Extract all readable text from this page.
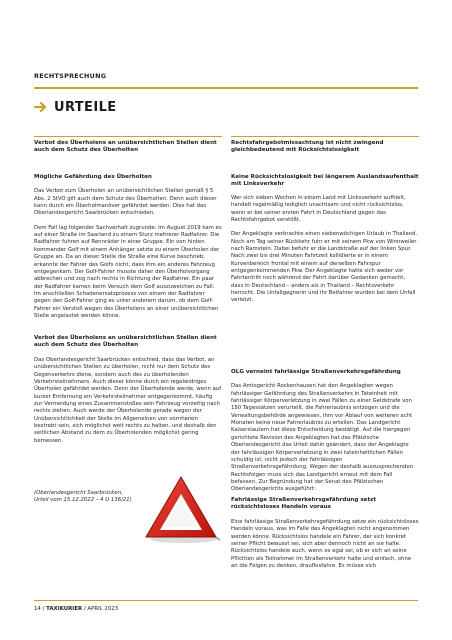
RECHTSPRECHUNG
URTEILE
Verbot des Überholens an unübersichtlichen Stellen dient auch dem Schutz des Überholten
Mögliche Gefährdung des Überholten
Das Verbot zum Überholen an unübersichtlichen Stellen gemäß § 5 Abs. 2 StVO gilt auch dem Schutz des Überholten. Denn auch dieser kann durch ein Überholmanöver gefährdet werden. Dies hat das Oberlandesgericht Saarbrücken entschieden.
Dem Fall lag folgender Sachverhalt zugrunde: Im August 2019 kam es auf einer Straße im Saarland zu einem Sturz mehrerer Radfahrer. Die Radfahrer fuhren auf Rennräder in einer Gruppe. Ein von hinten kommender Golf mit einem Anhänger setzte zu einem Überholen der Gruppe an. Da an dieser Stelle die Straße eine Kurve beschrieb, erkannte der Fahrer des Golfs nicht, dass ihm ein anderes Fahrzeug entgegenkam. Der Golf-Fahrer musste daher den Überholvorgang abbrechen und zog nach rechts in Richtung der Radfahrer. Ein paar der Radfahrer kamen beim Versuch dem Golf auszuweichen zu Fall. Im anschließen Schadenersatzprozess von einem der Radfahrer gegen den Golf-Fahrer ging es unter anderem darum, ob dem Golf-Fahrer ein Verstoß wegen des Überholens an einer unübersichtlichen Stelle angelastet werden könne.
Verbot des Überholens an unübersichtlichen Stellen dient auch dem Schutz des Überholten
Das Oberlandesgericht Saarbrücken entschied, dass das Verbot, an unübersichtlichen Stellen zu überholen, nicht nur dem Schutz des Gegenverkehrs diene, sondern auch des zu überholenden Verkehrsteilnehmers. Auch dieser könne durch ein regelwidriges Überholen gefährdet werden. Denn der Überholende werde, wenn auf kurzer Entfernung ein Verkehrsteilnehmer entgegenkommt, häufig zur Vermeidung eines Zusammenstoßes sein Fahrzeug vorzeitig nach rechts ziehen. Auch werde der Überholende gerade wegen der Unübersichtlichkeit der Stelle im Allgemeinen von vornherein bestrebt sein, sich möglichst weit rechts zu halten, und deshalb den seitlichen Abstand zu dem zu Überholenden möglichst gering bemessen.
(Oberlandesgericht Saarbrücken,
Urteil vom 15.12.2022 – 4 U 136/21)
Rechtsfahrgebotmissachtung ist nicht zwingend gleichbedeutend mit Rücksichtslosigkeit
Keine Rücksichtslosigkeit bei längerem Auslandsaufenthalt mit Linksverkehr
Wer sich sieben Wochen in einem Land mit Linksverkehr aufhielt, handelt regelmäßig lediglich unachtsam und nicht rücksichtslos, wenn er bei seiner ersten Fahrt in Deutschland gegen das Rechtsfahrgebot verstößt.
Der Angeklagte verbrachte einen siebenwöchigen Urlaub in Thailand. Noch am Tag seiner Rückkehr fuhr er mit seinem Pkw von Winnweiler nach Ramstein. Dabei befuhr er die Landstraße auf der linken Spur. Nach zwei bis drei Minuten Fahrtzeit kollidierte er in einem Kurvenbereich frontal mit einem auf derselben Fahrspur entgegenkommenden Pkw. Der Angeklagte hatte sich weder vor Fahrtantritt noch während der Fahrt darüber Gedanken gemacht, dass in Deutschland – anders als in Thailand – Rechtsverkehr herrscht. Die Unfallgegnerin und ihr Beifahrer wurden bei dem Unfall verletzt.
OLG verneint fahrlässige Straßenverkehrsgefährdung
Das Amtsgericht Rockenhausen hat den Angeklagten wegen fahrlässiger Gefährdung des Straßenverkehrs in Tateinheit mit fahrlässiger Körperverletzung in zwei Fällen zu einer Geldstrafe von 150 Tagessätzen verurteilt, die Fahrerlaubnis entzogen und die Verwaltungsbehörde angewiesen, ihm vor Ablauf von weiteren acht Monaten keine neue Fahrerlaubnis zu erteilen. Das Landgericht Kaiserslautern hat diese Entscheidung bestätigt. Auf die hiergegen gerichtete Revision des Angeklagten hat das Pfälzische Oberlandesgericht das Urteil dahin geändert, dass der Angeklagte der fahrlässigen Körperverletzung in zwei tateinheitlichen Fällen schuldig ist, nicht jedoch der fahrlässigen Straßenverkehrsgefährdung. Wegen der deshalb auszusprechenden Rechtsfolgen muss sich das Landgericht erneut mit dem Fall befassen. Zur Begründung hat der Senat des Pfälzischen Oberlandesgerichts ausgeführt:
Fahrlässige Straßenverkehrsgefährdung setzt rücksichtsloses Handeln voraus
Eine fahrlässige Straßenverkehrsgefährdung setze ein rücksichtsloses Handeln voraus, was im Falle des Angeklagten nicht angenommen werden könne. Rücksichtslos handele ein Fahrer, der sich konkret seiner Pflicht bewusst sei, sich aber dennoch nicht an sie halte. Rücksichtslos handele auch, wenn es egal sei, ob er sich an seine Pflichten als Teilnehmer im Straßenverkehr halte und einfach, ohne an die Folgen zu denken, drauflosfahre. Es müsse sich
14 / TAXIKURIER / APRIL 2023
